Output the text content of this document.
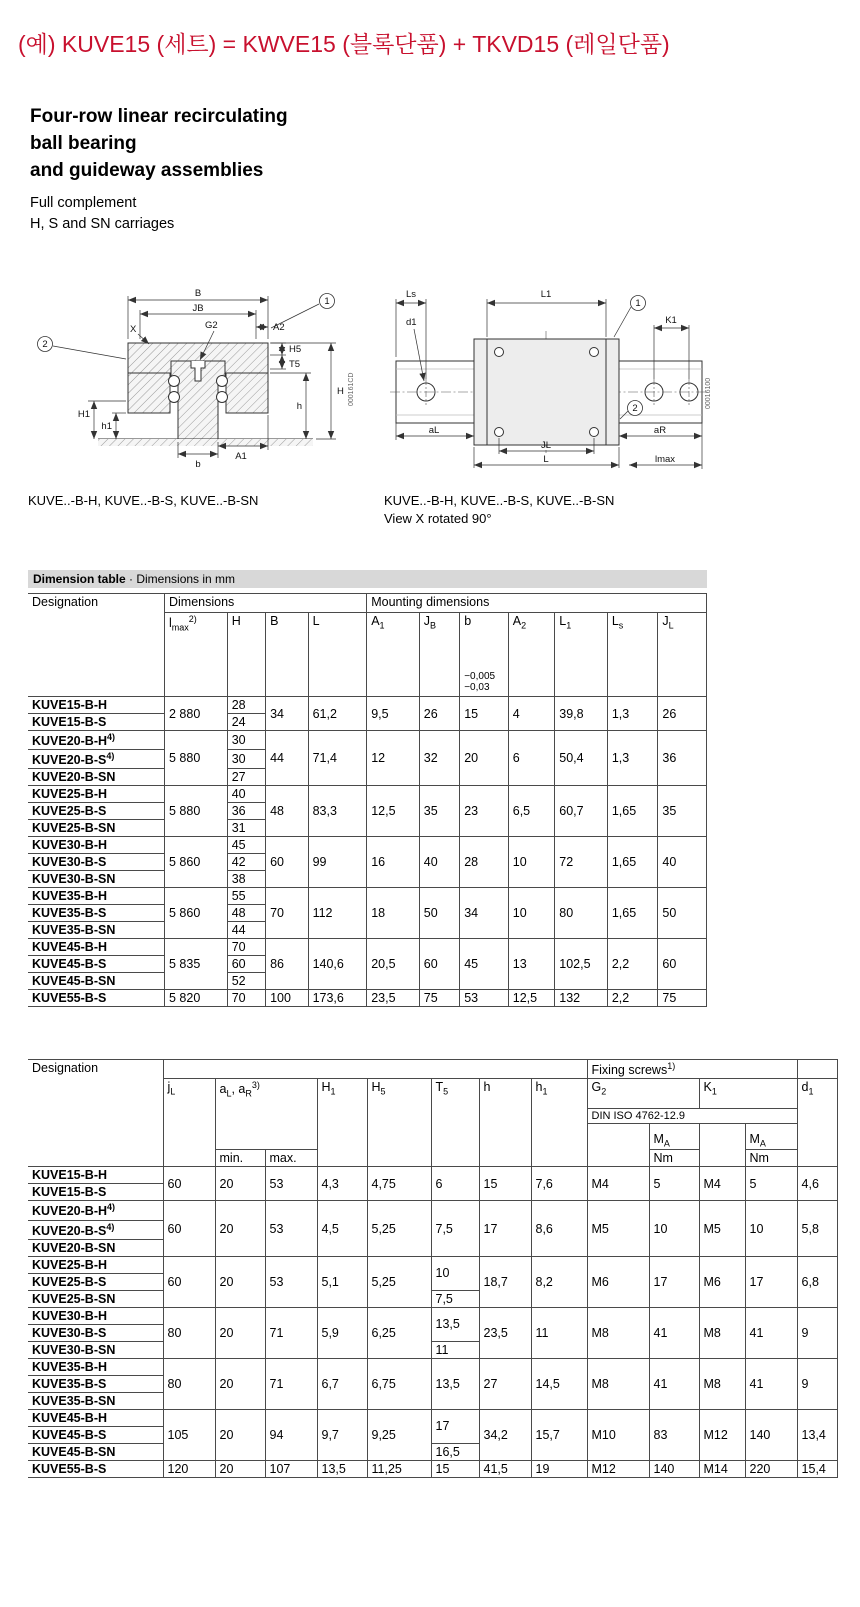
(예) KUVE15 (세트) = KWVE15 (블록단품) + TKVD15 (레일단품)
Four-row linear recirculating
ball bearing
and guideway assemblies
Full complement
H, S and SN carriages
1
2
B
JB
A2
G2
X
H5
T5
H
h
h1
H1
b
A1
000161CD
KUVE..-B-H, KUVE..-B-S, KUVE..-B-SN
1
2
Ls	L1
K1
d1
aL	aR
JL
L	lmax
00016100
KUVE..-B-H, KUVE..-B-S, KUVE..-B-SN
View X rotated 90°
Dimension table · Dimensions in mm
Designation	Dimensions				Mounting dimensions						
	$l_{max}^{2)}$	H	B	L	$A_1$	$J_B$	b	$A_2$	$L_1$	$L_s$	$J_L$
							−0,005
−0,03				
KUVE15-B-H	2 880	28	34	61,2	9,5	26	15	4	39,8	1,3	26
KUVE15-B-S		24									
$KUVE20-B-H^{4)}$	5 880	30	44	71,4	12	32	20	6	50,4	1,3	36
$KUVE20-B-S^{4)}$		30									
KUVE20-B-SN		27									
KUVE25-B-H	5 880	40	48	83,3	12,5	35	23	6,5	60,7	1,65	35
KUVE25-B-S		36									
KUVE25-B-SN		31									
KUVE30-B-H	5 860	45	60	99	16	40	28	10	72	1,65	40
KUVE30-B-S		42									
KUVE30-B-SN		38									
KUVE35-B-H	5 860	55	70	112	18	50	34	10	80	1,65	50
KUVE35-B-S		48									
KUVE35-B-SN		44									
KUVE45-B-H	5 835	70	86	140,6	20,5	60	45	13	102,5	2,2	60
KUVE45-B-S		60									
KUVE45-B-SN		52									
KUVE55-B-S	5 820	70	100	173,6	23,5	75	53	12,5	132	2,2	75
Designation									Fixing screws$^{1)}$	
	$j_L$	$a_L$, $a_R^{3)}$		$H_1$	$H_5$	$T_5$	h	$h_1$	$G_2$		$K_1$		$d_1$
									DIN ISO 4762-12.9				
										$M_A$		$M_A$
		min.	max.							Nm		Nm	
KUVE15-B-H	60	20	53	4,3	4,75	6	15	7,6	M4	5	M4	5	4,6
KUVE15-B-S													
$KUVE20-B-H^{4)}$	60	20	53	4,5	5,25	7,5	17	8,6	M5	10	M5	10	5,8
$KUVE20-B-S^{4)}$
KUVE20-B-SN													
KUVE25-B-H	60	20	53	5,1	5,25	10	18,7	8,2	M6	17	M6	17	6,8
KUVE25-B-S													
KUVE25-B-SN						7,5							
KUVE30-B-H	80	20	71	5,9	6,25	13,5	23,5	11	M8	41	M8	41	9
KUVE30-B-S													
KUVE30-B-SN						11							
KUVE35-B-H	80	20	71	6,7	6,75	13,5	27	14,5	M8	41	M8	41	9
KUVE35-B-S													
KUVE35-B-SN													
KUVE45-B-H	105	20	94	9,7	9,25	17	34,2	15,7	M10	83	M12	140	13,4
KUVE45-B-S													
KUVE45-B-SN						16,5							
KUVE55-B-S	120	20	107	13,5	11,25	15	41,5	19	M12	140	M14	220	15,4
